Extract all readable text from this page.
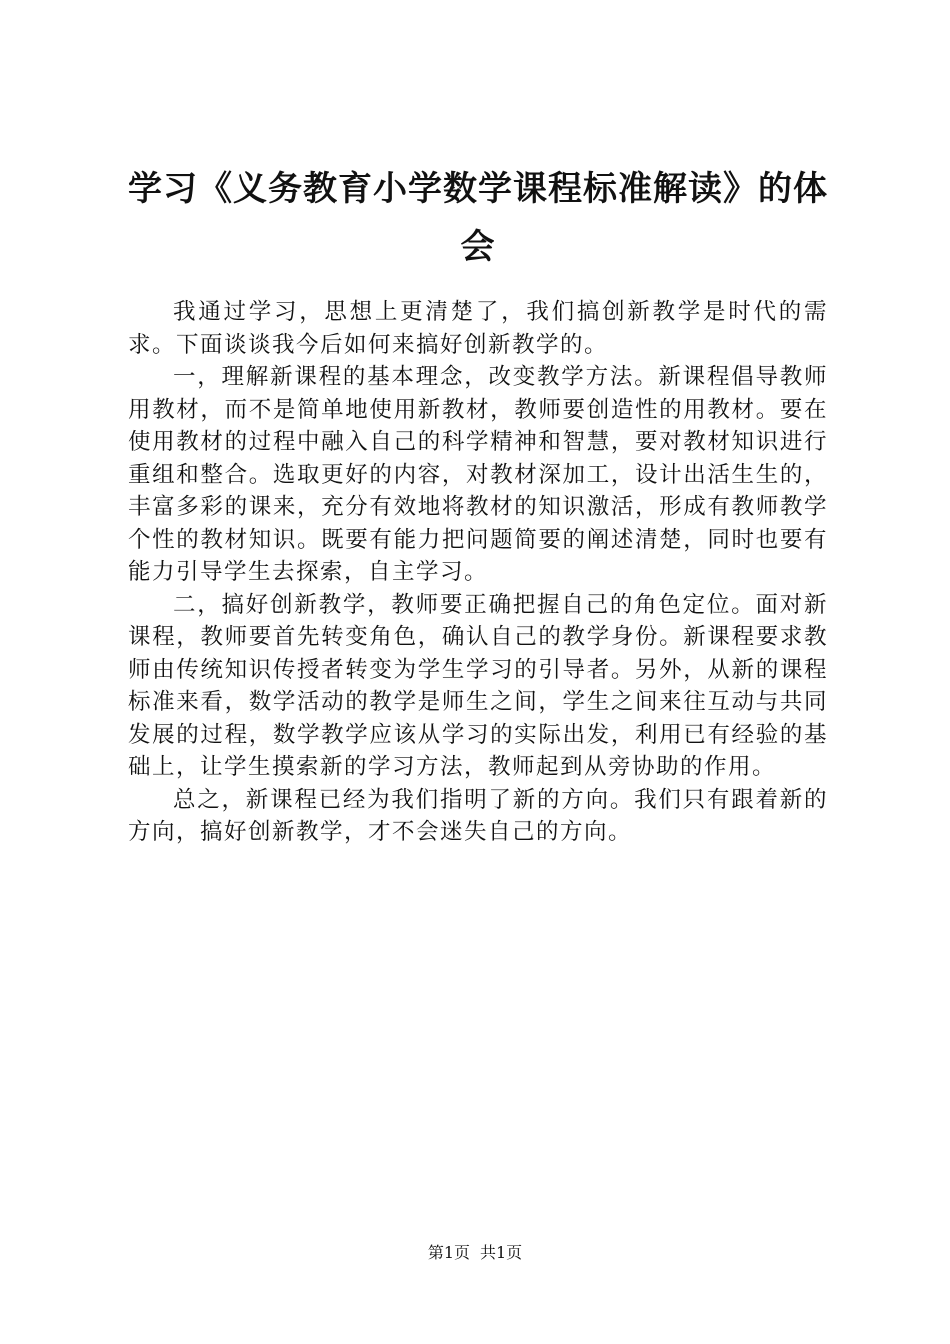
学习《义务教育小学数学课程标准解读》的体会

我通过学习，思想上更清楚了，我们搞创新教学是时代的需求。下面谈谈我今后如何来搞好创新教学的。

一，理解新课程的基本理念，改变教学方法。新课程倡导教师用教材，而不是简单地使用新教材，教师要创造性的用教材。要在使用教材的过程中融入自己的科学精神和智慧，要对教材知识进行重组和整合。选取更好的内容，对教材深加工，设计出活生生的，丰富多彩的课来，充分有效地将教材的知识激活，形成有教师教学个性的教材知识。既要有能力把问题简要的阐述清楚，同时也要有能力引导学生去探索，自主学习。

二，搞好创新教学，教师要正确把握自己的角色定位。面对新课程，教师要首先转变角色，确认自己的教学身份。新课程要求教师由传统知识传授者转变为学生学习的引导者。另外，从新的课程标准来看，数学活动的教学是师生之间，学生之间来往互动与共同发展的过程，数学教学应该从学习的实际出发，利用已有经验的基础上，让学生摸索新的学习方法，教师起到从旁协助的作用。

总之，新课程已经为我们指明了新的方向。我们只有跟着新的方向，搞好创新教学，才不会迷失自己的方向。

第1页 共1页
